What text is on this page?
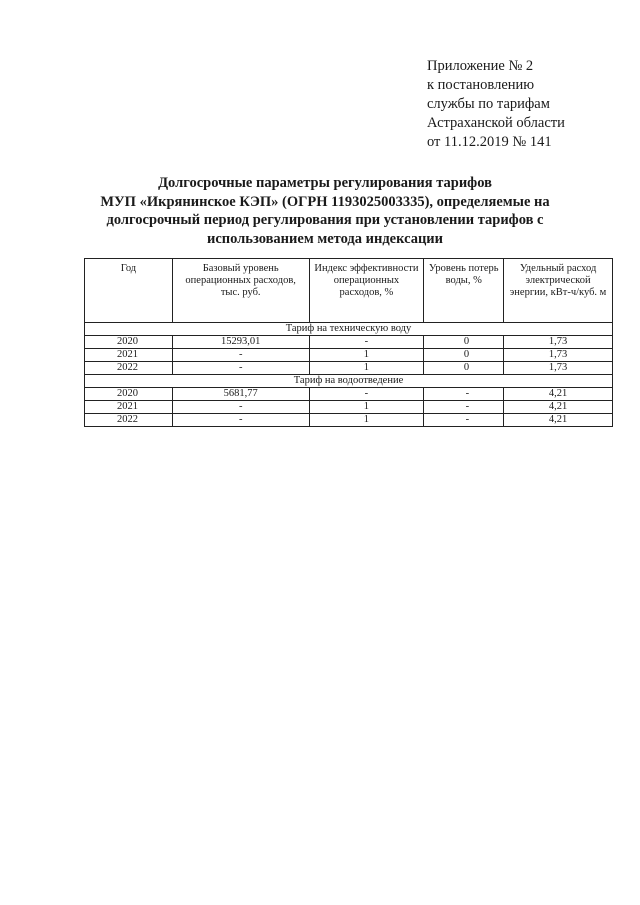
Приложение № 2
к постановлению
службы по тарифам
Астраханской области
от 11.12.2019 № 141
Долгосрочные параметры регулирования тарифов
МУП «Икрянинское КЭП» (ОГРН 1193025003335), определяемые на
долгосрочный период регулирования при установлении тарифов с
использованием метода индексации
Год	Базовый уровень операционных расходов, тыс. руб.	Индекс эффективности операционных расходов, %	Уровень потерь воды, %	Удельный расход электрической энергии, кВт-ч/куб. м
Тариф на техническую воду				
2020	15293,01	-	0	1,73
2021	-	1	0	1,73
2022	-	1	0	1,73
Тариф на водоотведение				
2020	5681,77	-	-	4,21
2021	-	1	-	4,21
2022	-	1	-	4,21
